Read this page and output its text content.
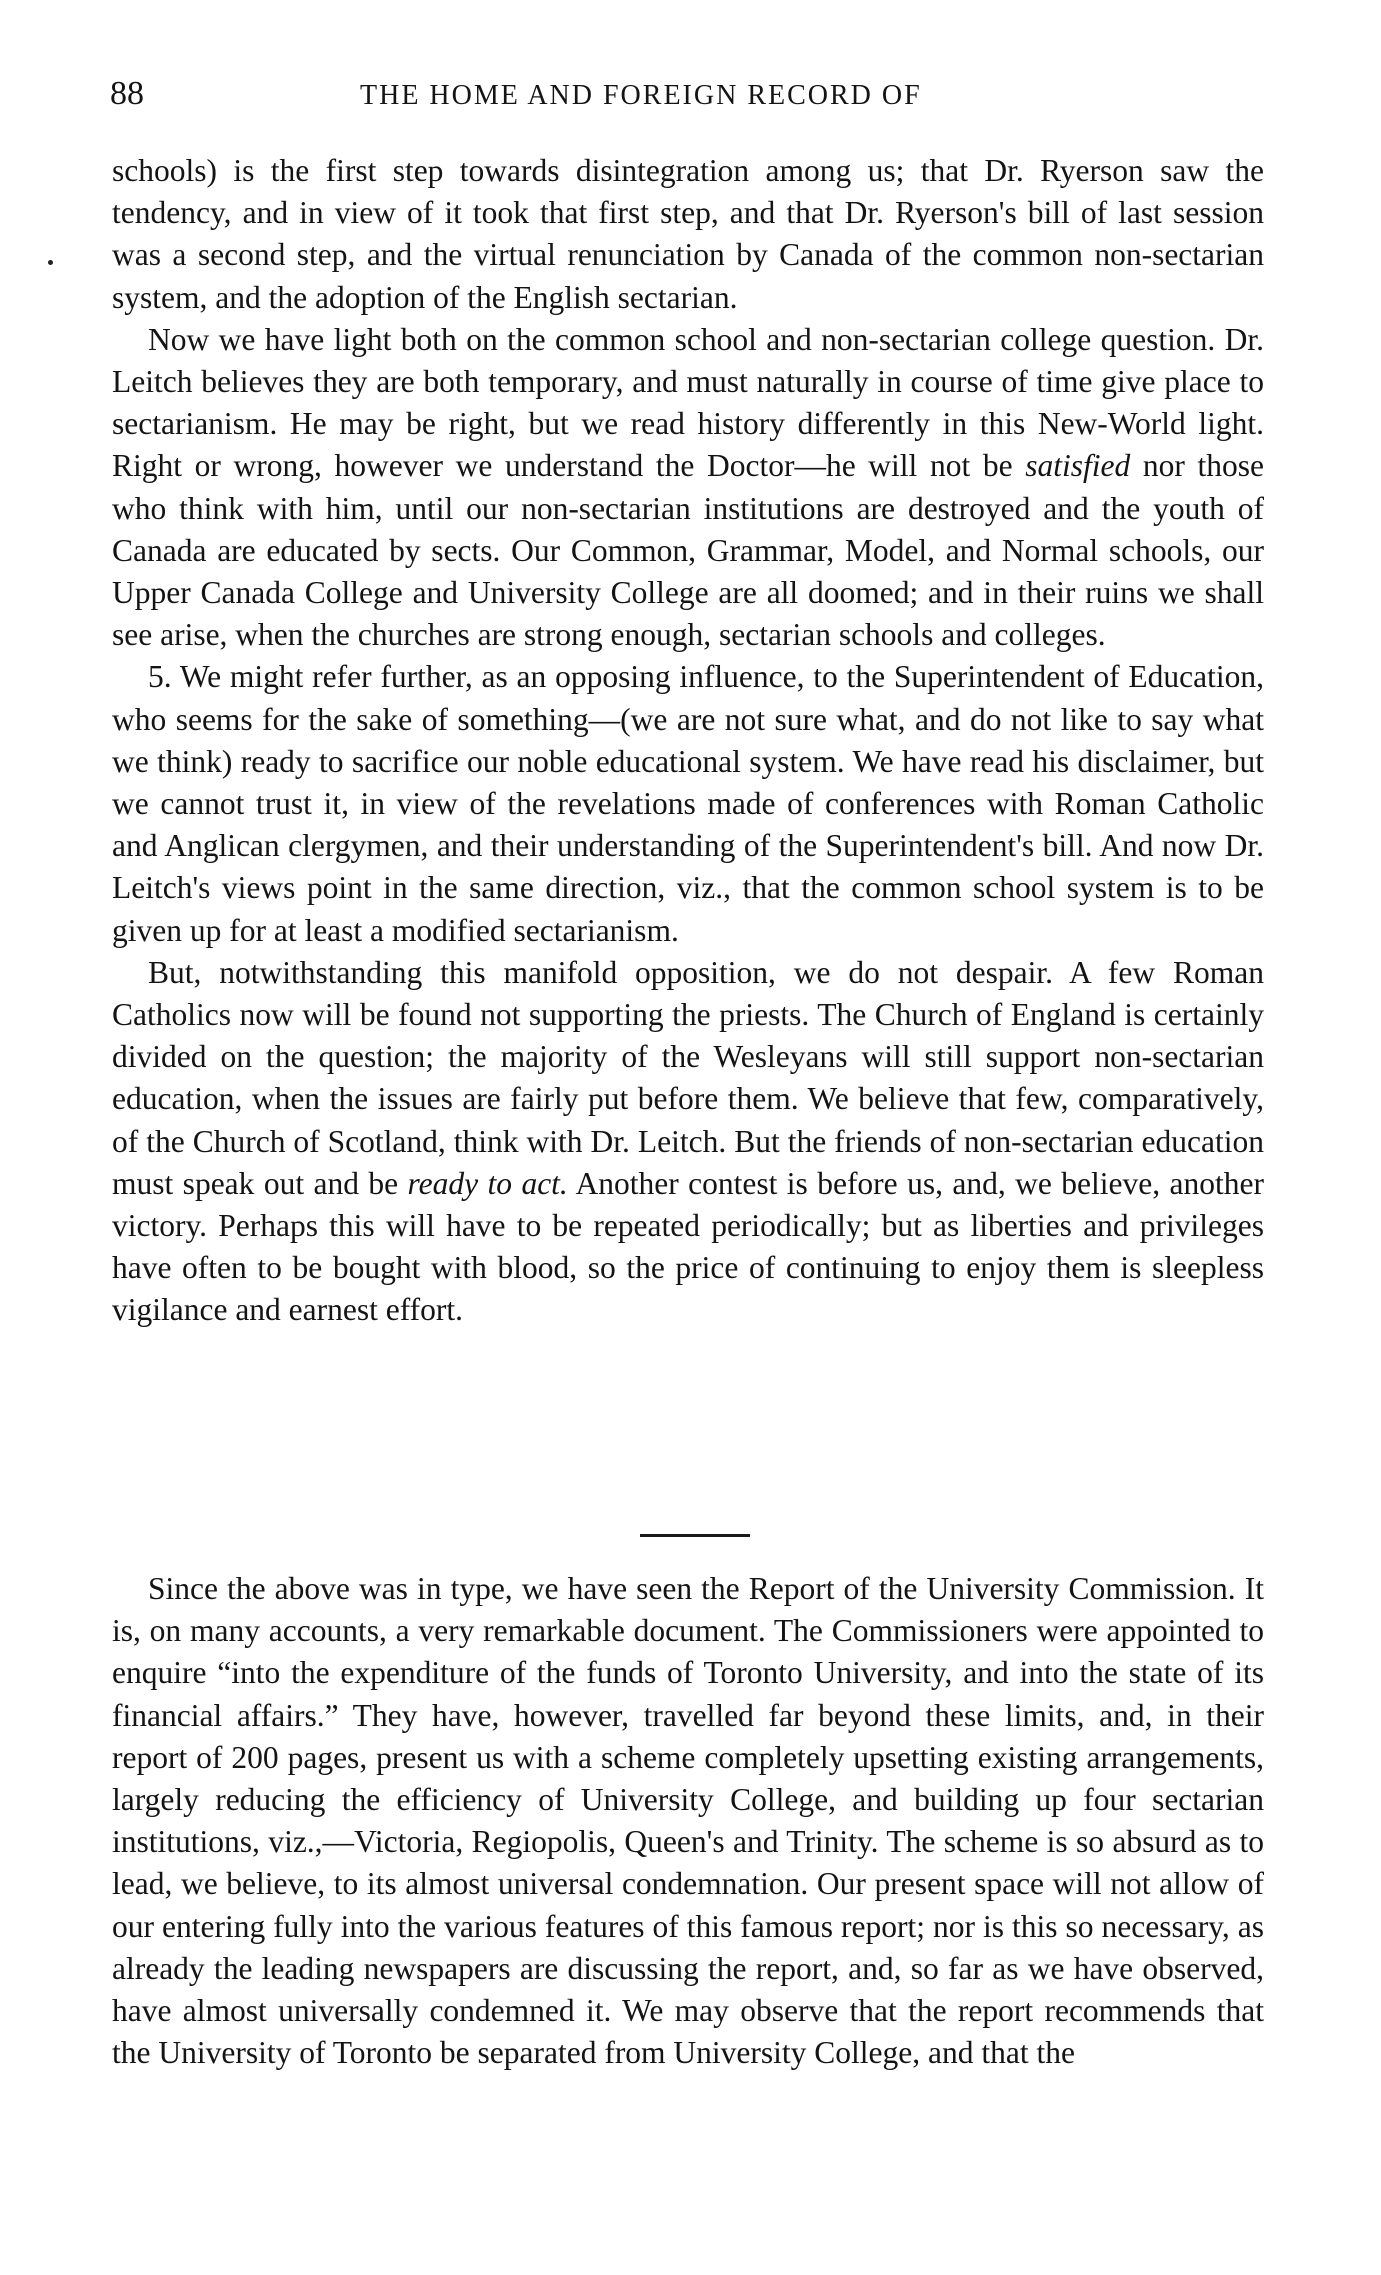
88	THE HOME AND FOREIGN RECORD OF

schools) is the first step towards disintegration among us; that Dr. Ryerson saw the tendency, and in view of it took that first step, and that Dr. Ryerson's bill of last session was a second step, and the virtual renunciation by Canada of the common non-sectarian system, and the adoption of the English sectarian.

Now we have light both on the common school and non-sectarian college question. Dr. Leitch believes they are both temporary, and must naturally in course of time give place to sectarianism. He may be right, but we read history differently in this New-World light. Right or wrong, however we understand the Doctor—he will not be satisfied nor those who think with him, until our non-sectarian institutions are destroyed and the youth of Canada are educated by sects. Our Common, Grammar, Model, and Normal schools, our Upper Canada College and University College are all doomed; and in their ruins we shall see arise, when the churches are strong enough, sectarian schools and colleges.

5. We might refer further, as an opposing influence, to the Superintendent of Education, who seems for the sake of something—(we are not sure what, and do not like to say what we think) ready to sacrifice our noble educational system. We have read his disclaimer, but we cannot trust it, in view of the revelations made of conferences with Roman Catholic and Anglican clergymen, and their understanding of the Superintendent's bill. And now Dr. Leitch's views point in the same direction, viz., that the common school system is to be given up for at least a modified sectarianism.

But, notwithstanding this manifold opposition, we do not despair. A few Roman Catholics now will be found not supporting the priests. The Church of England is certainly divided on the question; the majority of the Wesleyans will still support non-sectarian education, when the issues are fairly put before them. We believe that few, comparatively, of the Church of Scotland, think with Dr. Leitch. But the friends of non-sectarian education must speak out and be ready to act. Another contest is before us, and, we believe, another victory. Perhaps this will have to be repeated periodically; but as liberties and privileges have often to be bought with blood, so the price of continuing to enjoy them is sleepless vigilance and earnest effort.

Since the above was in type, we have seen the Report of the University Commission. It is, on many accounts, a very remarkable document. The Commissioners were appointed to enquire “into the expenditure of the funds of Toronto University, and into the state of its financial affairs.” They have, however, travelled far beyond these limits, and, in their report of 200 pages, present us with a scheme completely upsetting existing arrangements, largely reducing the efficiency of University College, and building up four sectarian institutions, viz.,—Victoria, Regiopolis, Queen's and Trinity. The scheme is so absurd as to lead, we believe, to its almost universal condemnation. Our present space will not allow of our entering fully into the various features of this famous report; nor is this so necessary, as already the leading newspapers are discussing the report, and, so far as we have observed, have almost universally condemned it. We may observe that the report recommends that the University of Toronto be separated from University College, and that the
